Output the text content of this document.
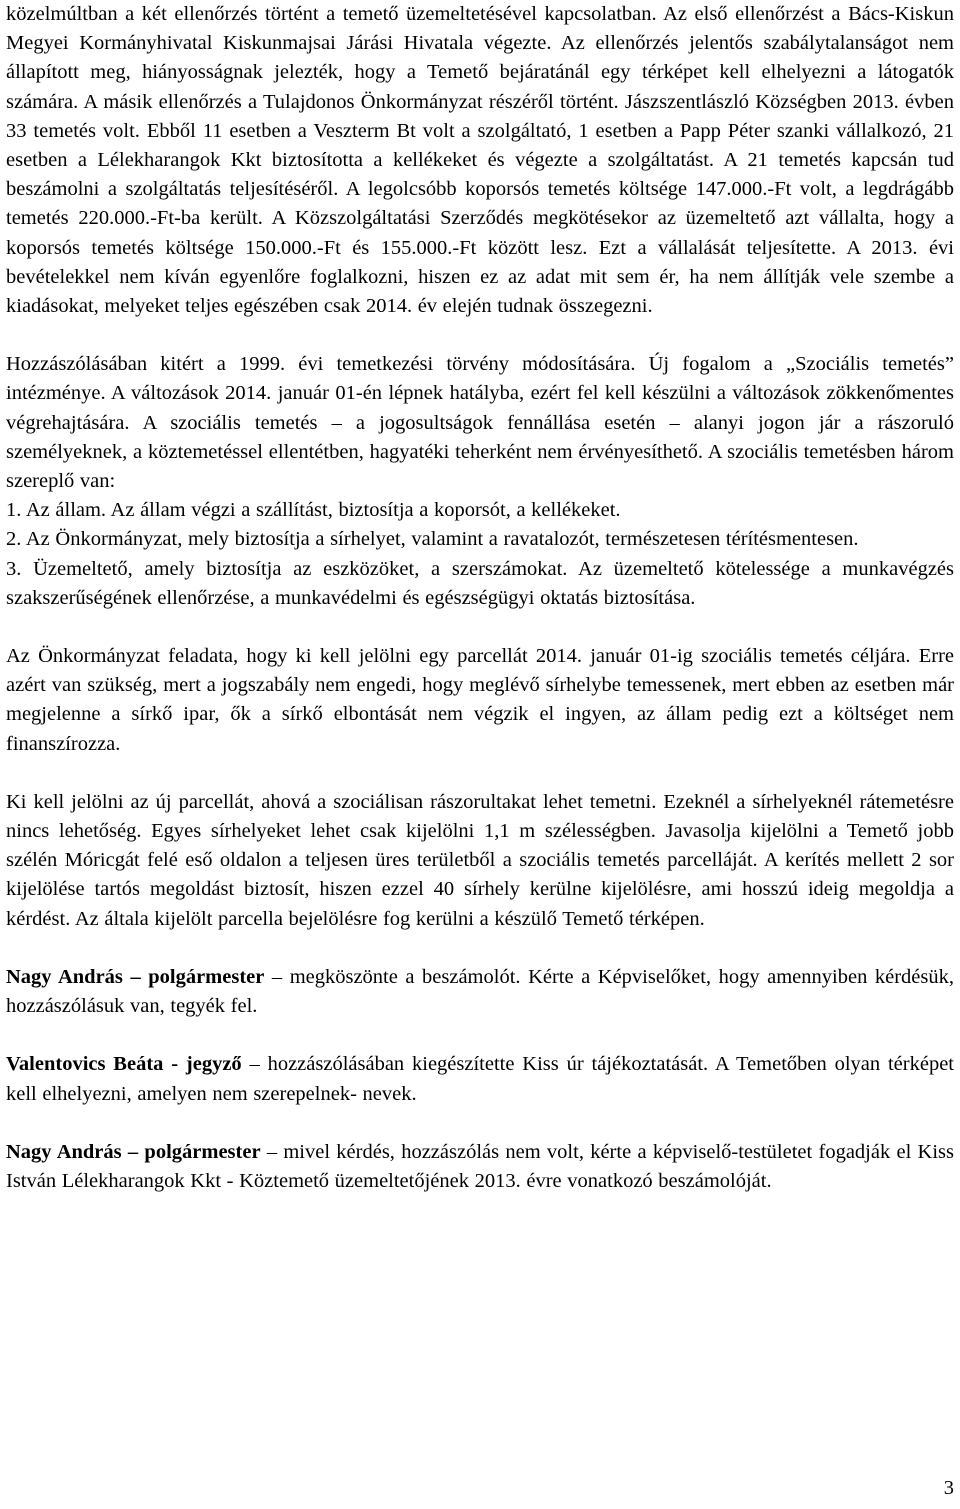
közelmúltban a két ellenőrzés történt a temető üzemeltetésével kapcsolatban. Az első ellenőrzést a Bács-Kiskun Megyei Kormányhivatal Kiskunmajsai Járási Hivatala végezte. Az ellenőrzés jelentős szabálytalanságot nem állapított meg, hiányosságnak jelezték, hogy a Temető bejáratánál egy térképet kell elhelyezni a látogatók számára. A másik ellenőrzés a Tulajdonos Önkormányzat részéről történt. Jászszentlászló Községben 2013. évben 33 temetés volt. Ebből 11 esetben a Veszterm Bt volt a szolgáltató, 1 esetben a Papp Péter szanki vállalkozó, 21 esetben a Lélekharangok Kkt biztosította a kellékeket és végezte a szolgáltatást. A 21 temetés kapcsán tud beszámolni a szolgáltatás teljesítéséről. A legolcsóbb koporsós temetés költsége 147.000.-Ft volt, a legdrágább temetés 220.000.-Ft-ba került. A Közszolgáltatási Szerződés megkötésekor az üzemeltető azt vállalta, hogy a koporsós temetés költsége 150.000.-Ft és 155.000.-Ft között lesz. Ezt a vállalását teljesítette. A 2013. évi bevételekkel nem kíván egyenlőre foglalkozni, hiszen ez az adat mit sem ér, ha nem állítják vele szembe a kiadásokat, melyeket teljes egészében csak 2014. év elején tudnak összegezni.

Hozzászólásában kitért a 1999. évi temetkezési törvény módosítására. Új fogalom a „Szociális temetés” intézménye. A változások 2014. január 01-én lépnek hatályba, ezért fel kell készülni a változások zökkenőmentes végrehajtására. A szociális temetés – a jogosultságok fennállása esetén – alanyi jogon jár a rászoruló személyeknek, a köztemetéssel ellentétben, hagyatéki teherként nem érvényesíthető. A szociális temetésben három szereplő van:

1. Az állam. Az állam végzi a szállítást, biztosítja a koporsót, a kellékeket.

2. Az Önkormányzat, mely biztosítja a sírhelyet, valamint a ravatalozót, természetesen térítésmentesen.

3. Üzemeltető, amely biztosítja az eszközöket, a szerszámokat. Az üzemeltető kötelessége a munkavégzés szakszerűségének ellenőrzése, a munkavédelmi és egészségügyi oktatás biztosítása.

Az Önkormányzat feladata, hogy ki kell jelölni egy parcellát 2014. január 01-ig szociális temetés céljára. Erre azért van szükség, mert a jogszabály nem engedi, hogy meglévő sírhelybe temessenek, mert ebben az esetben már megjelenne a sírkő ipar, ők a sírkő elbontását nem végzik el ingyen, az állam pedig ezt a költséget nem finanszírozza.

Ki kell jelölni az új parcellát, ahová a szociálisan rászorultakat lehet temetni. Ezeknél a sírhelyeknél rátemetésre nincs lehetőség. Egyes sírhelyeket lehet csak kijelölni 1,1 m szélességben. Javasolja kijelölni a Temető jobb szélén Móricgát felé eső oldalon a teljesen üres területből a szociális temetés parcelláját. A kerítés mellett 2 sor kijelölése tartós megoldást biztosít, hiszen ezzel 40 sírhely kerülne kijelölésre, ami hosszú ideig megoldja a kérdést. Az általa kijelölt parcella bejelölésre fog kerülni a készülő Temető térképen.

Nagy András – polgármester – megköszönte a beszámolót. Kérte a Képviselőket, hogy amennyiben kérdésük, hozzászólásuk van, tegyék fel.

Valentovics Beáta - jegyző – hozzászólásában kiegészítette Kiss úr tájékoztatását. A Temetőben olyan térképet kell elhelyezni, amelyen nem szerepelnek- nevek.

Nagy András – polgármester – mivel kérdés, hozzászólás nem volt, kérte a képviselő-testületet fogadják el Kiss István Lélekharangok Kkt - Köztemető üzemeltetőjének 2013. évre vonatkozó beszámolóját.

3
